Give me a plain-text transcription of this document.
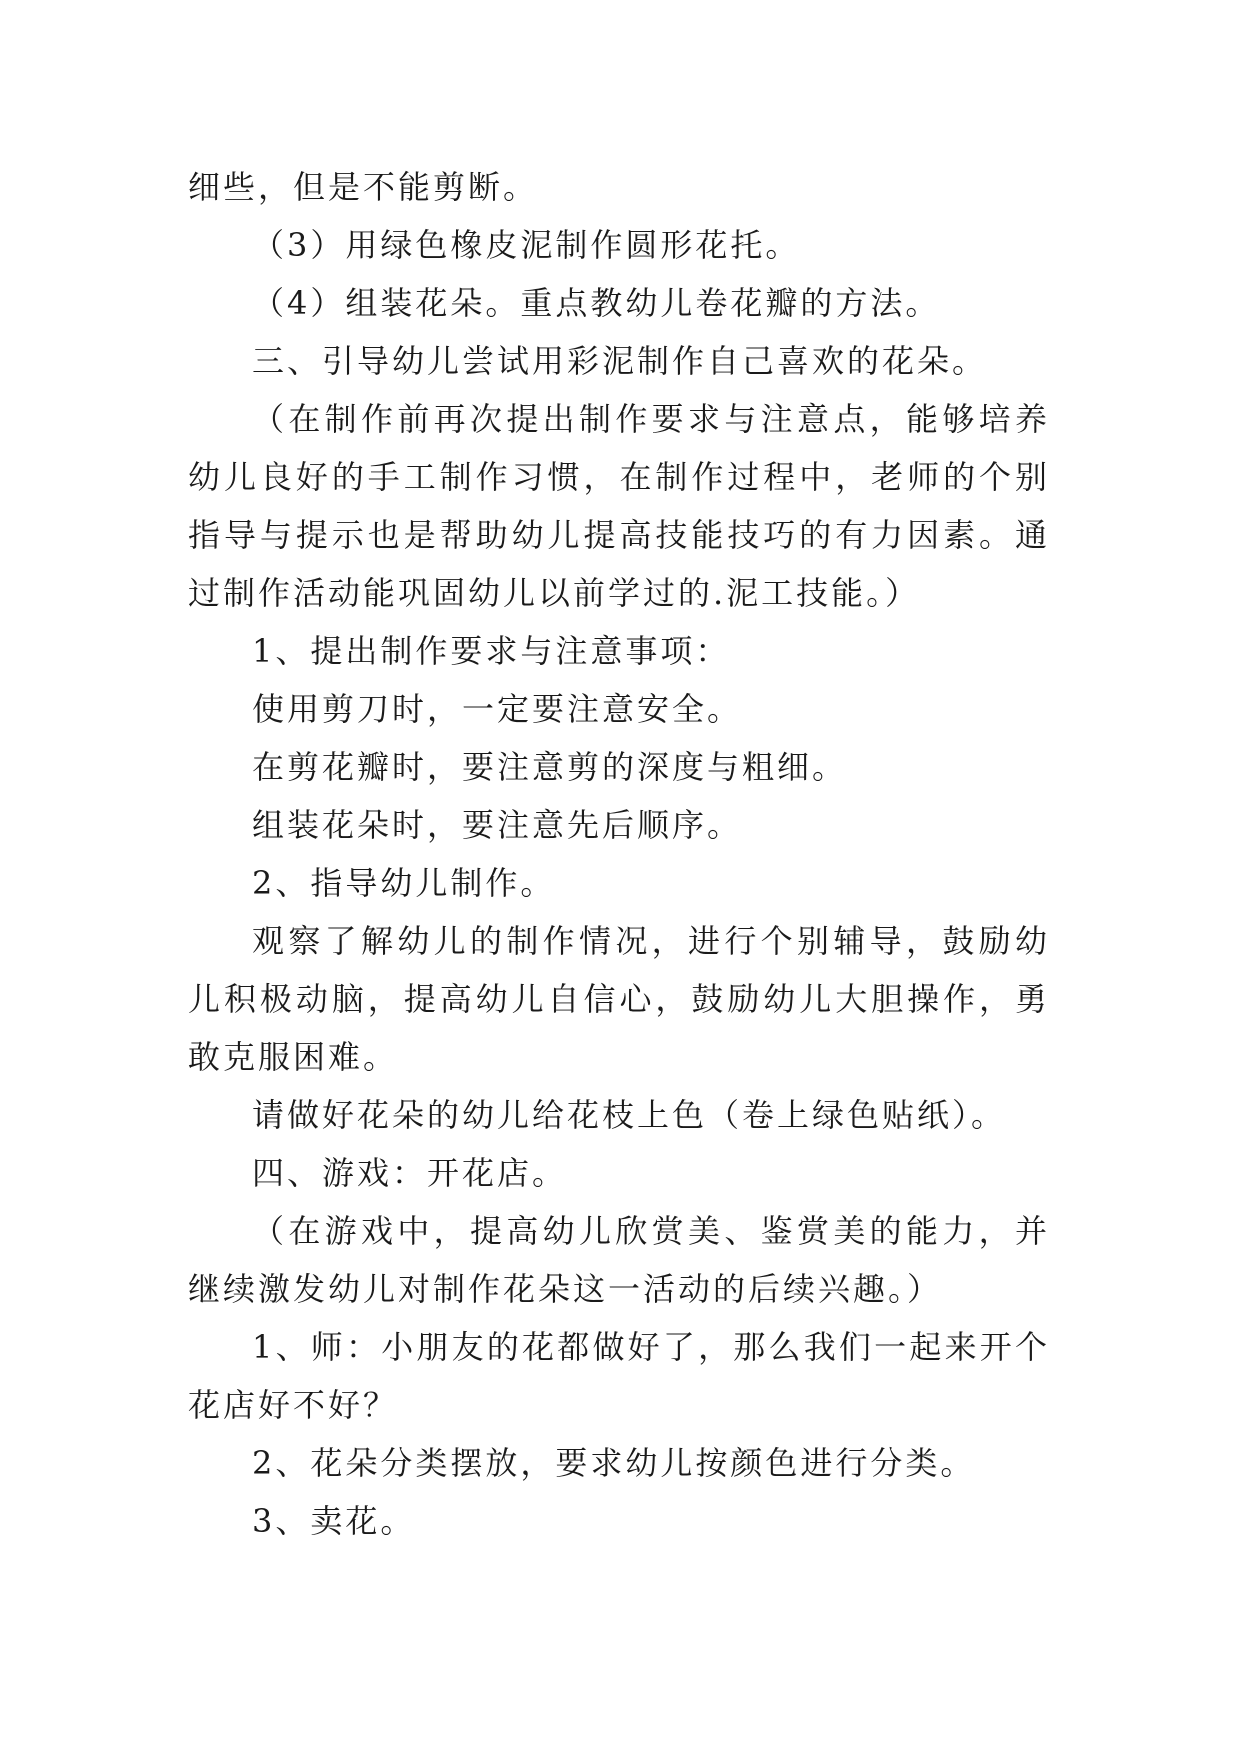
细些，但是不能剪断。

（3）用绿色橡皮泥制作圆形花托。

（4）组装花朵。重点教幼儿卷花瓣的方法。

三、引导幼儿尝试用彩泥制作自己喜欢的花朵。

（在制作前再次提出制作要求与注意点，能够培养幼儿良好的手工制作习惯，在制作过程中，老师的个别指导与提示也是帮助幼儿提高技能技巧的有力因素。通过制作活动能巩固幼儿以前学过的.泥工技能。）

1、提出制作要求与注意事项：

使用剪刀时，一定要注意安全。

在剪花瓣时，要注意剪的深度与粗细。

组装花朵时，要注意先后顺序。

2、指导幼儿制作。

观察了解幼儿的制作情况，进行个别辅导，鼓励幼儿积极动脑，提高幼儿自信心，鼓励幼儿大胆操作，勇敢克服困难。

请做好花朵的幼儿给花枝上色（卷上绿色贴纸）。

四、游戏：开花店。

（在游戏中，提高幼儿欣赏美、鉴赏美的能力，并继续激发幼儿对制作花朵这一活动的后续兴趣。）

1、师：小朋友的花都做好了，那么我们一起来开个花店好不好？

2、花朵分类摆放，要求幼儿按颜色进行分类。

3、卖花。
